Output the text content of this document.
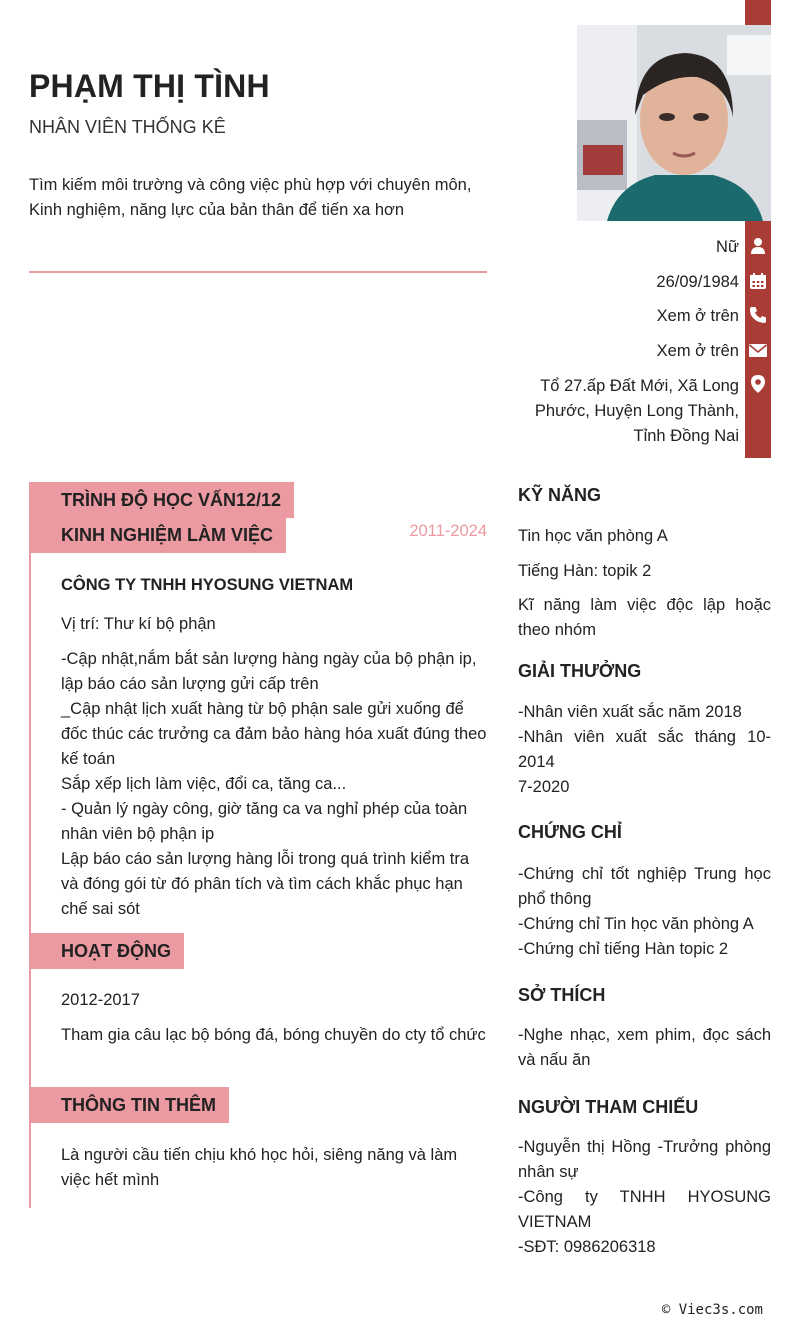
PHẠM THỊ TÌNH
NHÂN VIÊN THỐNG KÊ
Tìm kiếm môi trường và công việc phù hợp với chuyên môn, Kinh nghiệm, năng lực của bản thân để tiến xa hơn
Nữ
26/09/1984
Xem ở trên
Xem ở trên
Tổ 27.ấp Đất Mới, Xã Long Phước, Huyện Long Thành, Tỉnh Đồng Nai
TRÌNH ĐỘ HỌC VẤN12/12
KINH NGHIỆM LÀM VIỆC	2011-2024
CÔNG TY TNHH HYOSUNG VIETNAM
Vị trí: Thư kí bộ phận
-Cập nhật,nắm bắt sản lượng hàng ngày của bộ phận ip, lập báo cáo sản lượng gửi cấp trên
_Cập nhật lịch xuất hàng từ bộ phận sale gửi xuống để đốc thúc các trưởng ca đảm bảo hàng hóa xuất đúng theo kế toán
Sắp xếp lịch làm việc, đổi ca, tăng ca...
- Quản lý ngày công, giờ tăng ca va nghỉ phép của toàn nhân viên bộ phận ip
Lập báo cáo sản lượng hàng lỗi trong quá trình kiểm tra và đóng gói từ đó phân tích và tìm cách khắc phục hạn chế sai sót
HOẠT ĐỘNG
2012-2017
Tham gia câu lạc bộ bóng đá, bóng chuyền do cty tổ chức
THÔNG TIN THÊM
Là người cầu tiến chịu khó học hỏi, siêng năng và làm việc hết mình
KỸ NĂNG
Tin học văn phòng A
Tiếng Hàn: topik 2
Kĩ năng làm việc độc lập hoặc theo nhóm
GIẢI THƯỞNG
-Nhân viên xuất sắc năm 2018
-Nhân viên xuất sắc tháng 10-2014
7-2020
CHỨNG CHỈ
-Chứng chỉ tốt nghiệp Trung học phổ thông
-Chứng chỉ Tin học văn phòng A
-Chứng chỉ tiếng Hàn topic 2
SỞ THÍCH
-Nghe nhạc, xem phim, đọc sách và nấu ăn
NGƯỜI THAM CHIẾU
-Nguyễn thị Hồng -Trưởng phòng nhân sự
-Công ty TNHH HYOSUNG VIETNAM
-SĐT: 0986206318
© Viec3s.com
